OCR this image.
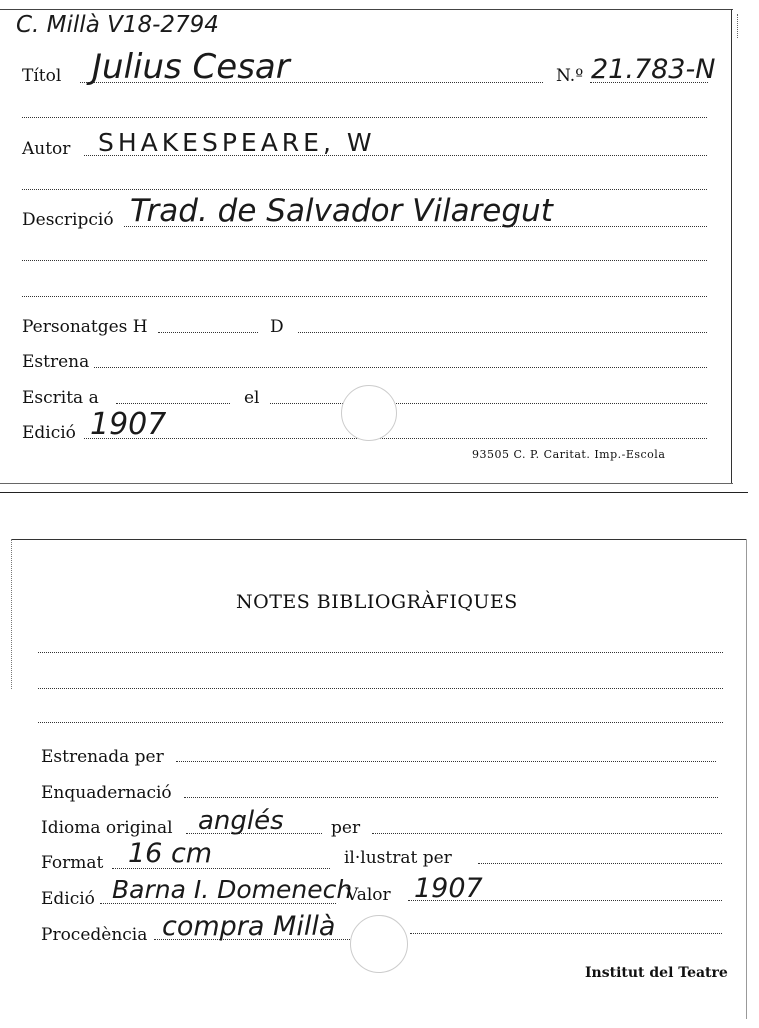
C. Millà V18-2794
Títol Julius Cesar	N.º 21.783-N
Autor SHAKESPEARE, W
Descripció Trad. de Salvador Vilaregut
Personatges H	D
Estrena
Escrita a	el
Edició 1907
93505 C. P. Caritat. Imp.-Escola
NOTES BIBLIOGRÀFIQUES
Estrenada per
Enquadernació
Idioma original anglés	per
Format 16 cm	il·lustrat per
Edició Barna I. Domenech
Valor 1907
Procedència compra Millà
Institut del Teatre
